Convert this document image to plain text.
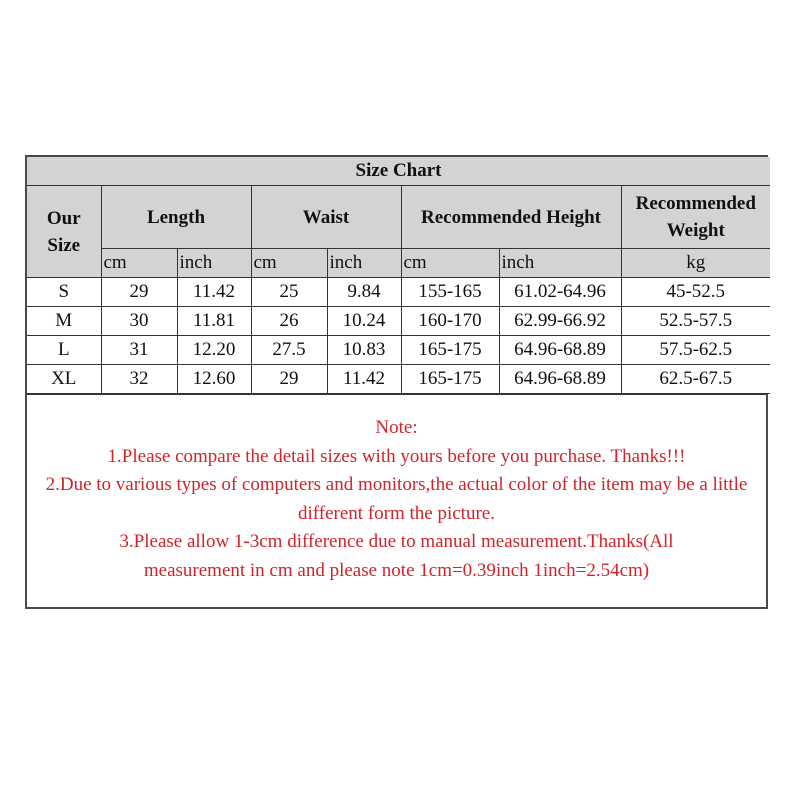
Size Chart							
Our Size	Length		Waist		Recommended Height		Recommended Weight
	cm	inch	cm	inch	cm	inch	kg
S	29	11.42	25	9.84	155-165	61.02-64.96	45-52.5
M	30	11.81	26	10.24	160-170	62.99-66.92	52.5-57.5
L	31	12.20	27.5	10.83	165-175	64.96-68.89	57.5-62.5
XL	32	12.60	29	11.42	165-175	64.96-68.89	62.5-67.5
Note:
1.Please compare the detail sizes with yours before you purchase. Thanks!!!
2.Due to various types of computers and monitors,the actual color of the item may be a little different form the picture.
3.Please allow 1-3cm difference due to manual measurement.Thanks(All measurement in cm and please note 1cm=0.39inch 1inch=2.54cm)
